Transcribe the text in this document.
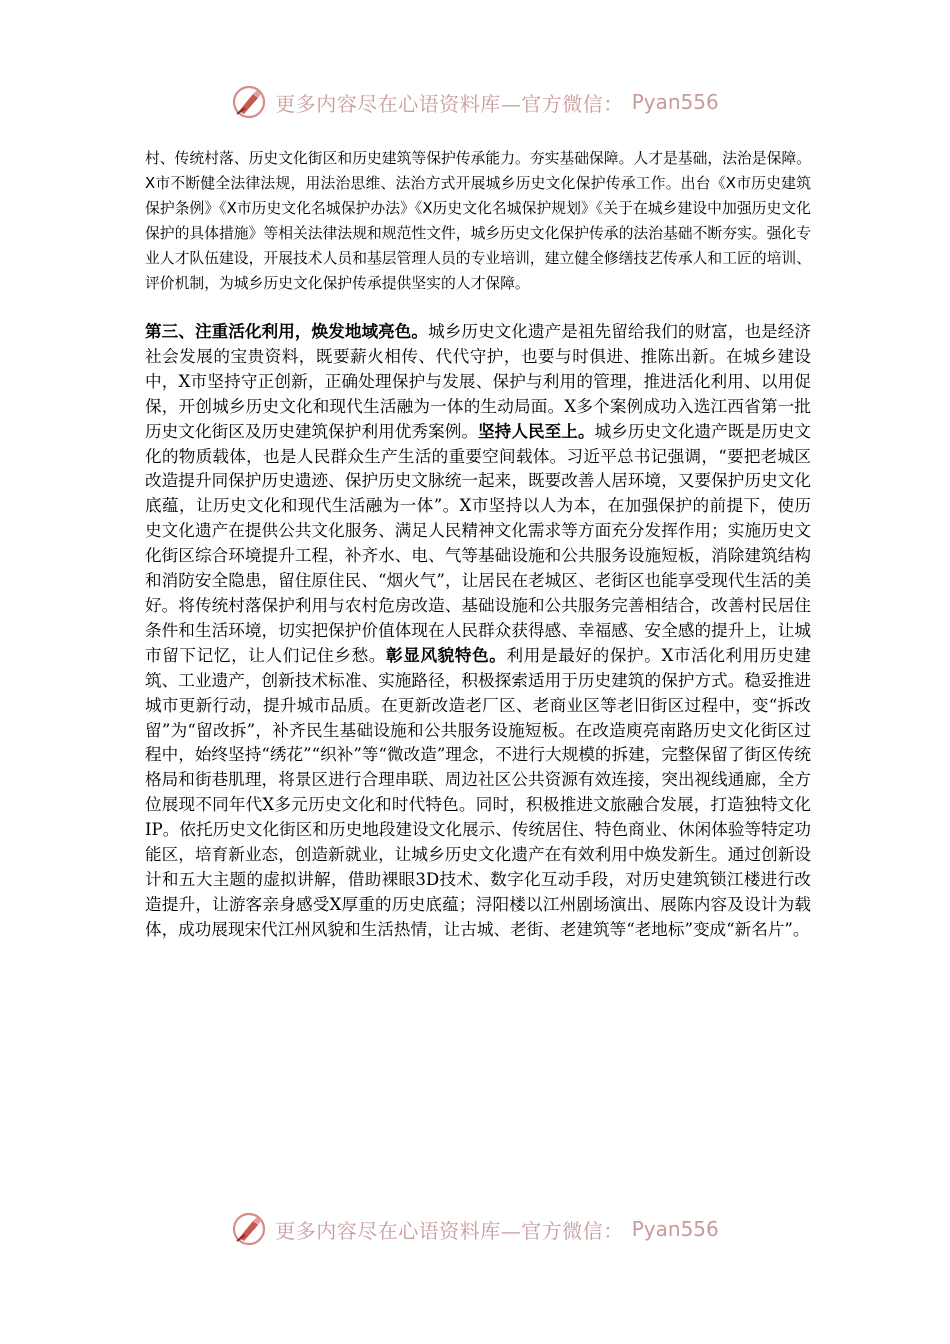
更多内容尽在心语资料库—官方微信： Pyan556
村、传统村落、历史文化街区和历史建筑等保护传承能力。夯实基础保障。人才是基础，法治是保障。X市不断健全法律法规，用法治思维、法治方式开展城乡历史文化保护传承工作。出台《X市历史建筑保护条例》《X市历史文化名城保护办法》《X历史文化名城保护规划》《关于在城乡建设中加强历史文化保护的具体措施》等相关法律法规和规范性文件，城乡历史文化保护传承的法治基础不断夯实。强化专业人才队伍建设，开展技术人员和基层管理人员的专业培训，建立健全修缮技艺传承人和工匠的培训、评价机制，为城乡历史文化保护传承提供坚实的人才保障。
第三、注重活化利用，焕发地域亮色。城乡历史文化遗产是祖先留给我们的财富，也是经济社会发展的宝贵资料，既要薪火相传、代代守护，也要与时俱进、推陈出新。在城乡建设中，X市坚持守正创新，正确处理保护与发展、保护与利用的管理，推进活化利用、以用促保，开创城乡历史文化和现代生活融为一体的生动局面。X多个案例成功入选江西省第一批历史文化街区及历史建筑保护利用优秀案例。坚持人民至上。城乡历史文化遗产既是历史文化的物质载体，也是人民群众生产生活的重要空间载体。习近平总书记强调，“要把老城区改造提升同保护历史遗迹、保护历史文脉统一起来，既要改善人居环境，又要保护历史文化底蕴，让历史文化和现代生活融为一体”。X市坚持以人为本，在加强保护的前提下，使历史文化遗产在提供公共文化服务、满足人民精神文化需求等方面充分发挥作用；实施历史文化街区综合环境提升工程，补齐水、电、气等基础设施和公共服务设施短板，消除建筑结构和消防安全隐患，留住原住民、“烟火气”，让居民在老城区、老街区也能享受现代生活的美好。将传统村落保护利用与农村危房改造、基础设施和公共服务完善相结合，改善村民居住条件和生活环境，切实把保护价值体现在人民群众获得感、幸福感、安全感的提升上，让城市留下记忆，让人们记住乡愁。彰显风貌特色。利用是最好的保护。X市活化利用历史建筑、工业遗产，创新技术标准、实施路径，积极探索适用于历史建筑的保护方式。稳妥推进城市更新行动，提升城市品质。在更新改造老厂区、老商业区等老旧街区过程中，变“拆改留”为“留改拆”，补齐民生基础设施和公共服务设施短板。在改造庾亮南路历史文化街区过程中，始终坚持“绣花”“织补”等“微改造”理念，不进行大规模的拆建，完整保留了街区传统格局和街巷肌理，将景区进行合理串联、周边社区公共资源有效连接，突出视线通廊，全方位展现不同年代X多元历史文化和时代特色。同时，积极推进文旅融合发展，打造独特文化IP。依托历史文化街区和历史地段建设文化展示、传统居住、特色商业、休闲体验等特定功能区，培育新业态，创造新就业，让城乡历史文化遗产在有效利用中焕发新生。通过创新设计和五大主题的虚拟讲解，借助裸眼3D技术、数字化互动手段，对历史建筑锁江楼进行改造提升，让游客亲身感受X厚重的历史底蕴；浔阳楼以江州剧场演出、展陈内容及设计为载体，成功展现宋代江州风貌和生活热情，让古城、老街、老建筑等“老地标”变成“新名片”。
更多内容尽在心语资料库—官方微信： Pyan556
